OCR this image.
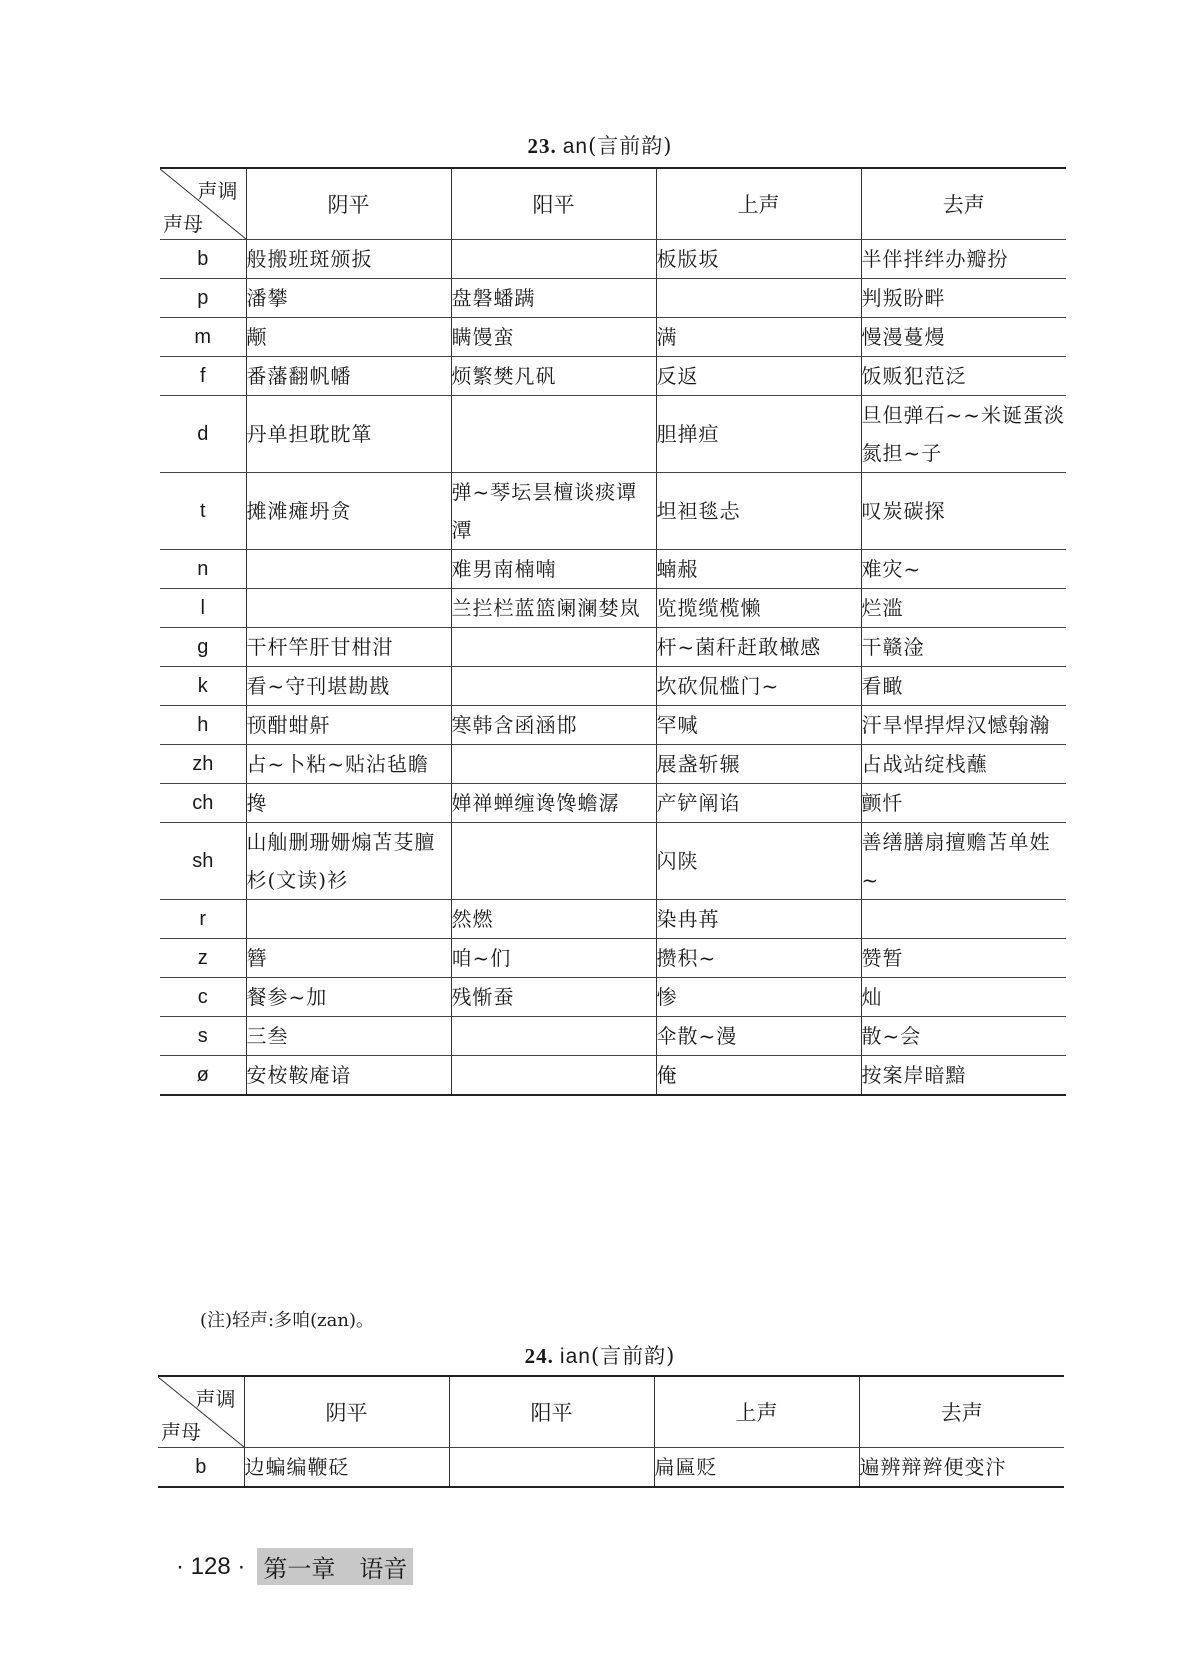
23. an(言前韵)
声调
声母	阴平	阳平	上声	去声
b	般搬班斑颁扳		板版坂	半伴拌绊办瓣扮
p	潘攀	盘磐蟠蹒		判叛盼畔
m	颟	瞒馒蛮	满	慢漫蔓熳
f	番藩翻帆幡	烦繁樊凡矾	反返	饭贩犯范泛
d	丹单担耽眈箪		胆掸疸	旦但弹石~~米诞蛋淡氮担~子
t	摊滩瘫坍贪	弹~琴坛昙檀谈痰谭潭	坦袒毯忐	叹炭碳探
n		难男南楠喃	蝻赧	难灾~
l		兰拦栏蓝篮阑澜婪岚	览揽缆榄懒	烂滥
g	干杆竿肝甘柑泔		杆~菌秆赶敢橄感	干赣淦
k	看~守刊堪勘戡		坎砍侃槛门~	看瞰
h	顸酣蚶鼾	寒韩含函涵邯	罕喊	汗旱悍捍焊汉憾翰瀚
zh	占~卜粘~贴沾毡瞻		展盏斩辗	占战站绽栈蘸
ch	搀	婵禅蝉缠谗馋蟾潺	产铲阐谄	颤忏
sh	山舢删珊姗煽苫芟膻杉(文读)衫		闪陕	善缮膳扇擅赡苫单姓~
r		然燃	染冉苒	
z	簪	咱~们	攒积~	赞暂
c	餐参~加	残惭蚕	惨	灿
s	三叁		伞散~漫	散~会
ø	安桉鞍庵谙		俺	按案岸暗黯
(注)轻声:多咱(zan)。
24. ian(言前韵)
声调
声母	阴平	阳平	上声	去声
b	边蝙编鞭砭		扁匾贬	遍辨辩辫便变汴
· 128 · 第一章　语音
